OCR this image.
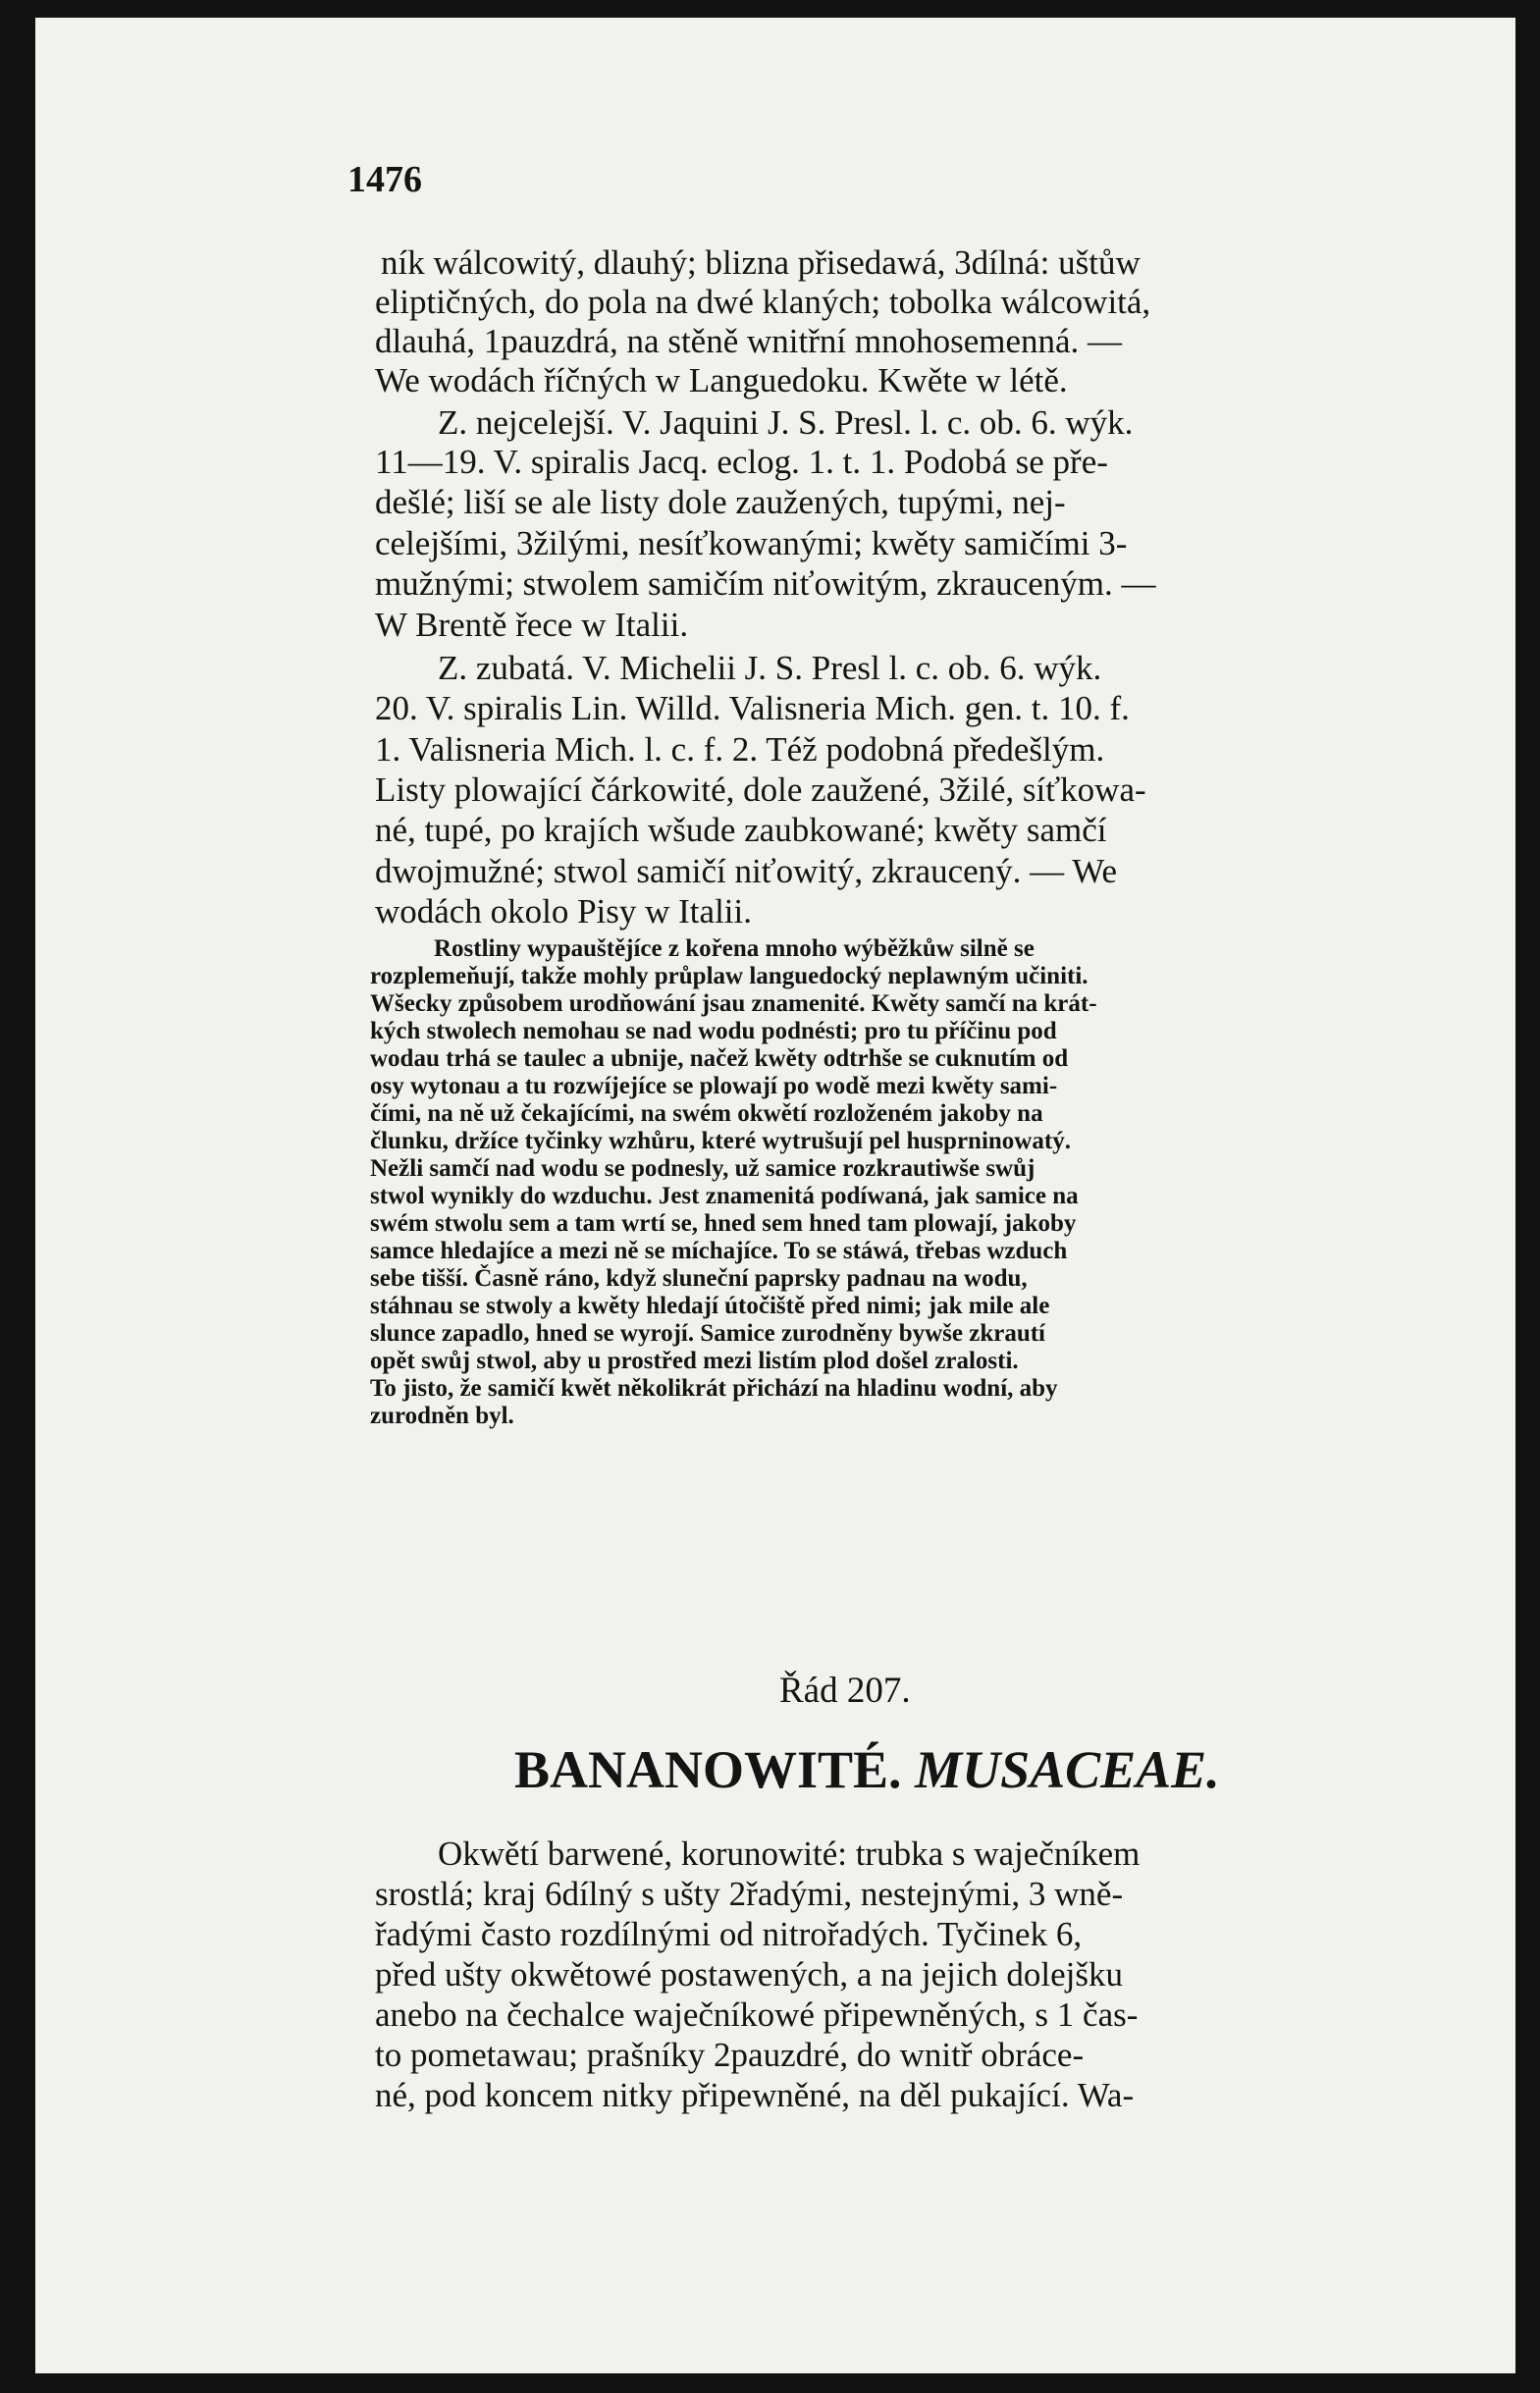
1476

ník wálcowitý, dlauhý; blizna přisedawá, 3dílná: uštůw

eliptičných, do pola na dwé klaných; tobolka wálcowitá,

dlauhá, 1pauzdrá, na stěně wnitřní mnohosemenná. —

We wodách říčných w Languedoku. Kwěte w létě.

Z. nejcelejší. V. Jaquini J. S. Presl. l. c. ob. 6. wýk.

11—19. V. spiralis Jacq. eclog. 1. t. 1. Podobá se pře-

dešlé; liší se ale listy dole zaužených, tupými, nej-

celejšími, 3žilými, nesíťkowanými; kwěty samičími 3-

mužnými; stwolem samičím niťowitým, zkrauceným. —

W Brentě řece w Italii.

Z. zubatá. V. Michelii J. S. Presl l. c. ob. 6. wýk.

20. V. spiralis Lin. Willd. Valisneria Mich. gen. t. 10. f.

1. Valisneria Mich. l. c. f. 2. Též podobná předešlým.

Listy plowající čárkowité, dole zaužené, 3žilé, síťkowa-

né, tupé, po krajích wšude zaubkowané; kwěty samčí

dwojmužné; stwol samičí niťowitý, zkraucený. — We

wodách okolo Pisy w Italii.

Rostliny wypauštějíce z kořena mnoho wýběžkůw silně se

rozplemeňují, takže mohly průplaw languedocký neplawným učiniti.

Wšecky způsobem urodňowání jsau znamenité. Kwěty samčí na krát-

kých stwolech nemohau se nad wodu podnésti; pro tu příčinu pod

wodau trhá se taulec a ubnije, načež kwěty odtrhše se cuknutím od

osy wytonau a tu rozwíjejíce se plowají po wodě mezi kwěty sami-

čími, na ně už čekajícími, na swém okwětí rozloženém jakoby na

člunku, držíce tyčinky wzhůru, které wytrušují pel husprninowatý.

Nežli samčí nad wodu se podnesly, už samice rozkrautiwše swůj

stwol wynikly do wzduchu. Jest znamenitá podíwaná, jak samice na

swém stwolu sem a tam wrtí se, hned sem hned tam plowají, jakoby

samce hledajíce a mezi ně se míchajíce. To se stáwá, třebas wzduch

sebe tišší. Časně ráno, když sluneční paprsky padnau na wodu,

stáhnau se stwoly a kwěty hledají útočiště před nimi; jak mile ale

slunce zapadlo, hned se wyrojí. Samice zurodněny bywše zkrautí

opět swůj stwol, aby u prostřed mezi listím plod došel zralosti.

To jisto, že samičí kwět několikrát přichází na hladinu wodní, aby

zurodněn byl.

Řád 207.

BANANOWITÉ. MUSACEAE.

Okwětí barwené, korunowité: trubka s waječníkem

srostlá; kraj 6dílný s ušty 2řadými, nestejnými, 3 wně-

řadými často rozdílnými od nitrořadých. Tyčinek 6,

před ušty okwětowé postawených, a na jejich dolejšku

anebo na čechalce waječníkowé připewněných, s 1 čas-

to pometawau; prašníky 2pauzdré, do wnitř obráce-

né, pod koncem nitky připewněné, na děl pukající. Wa-
